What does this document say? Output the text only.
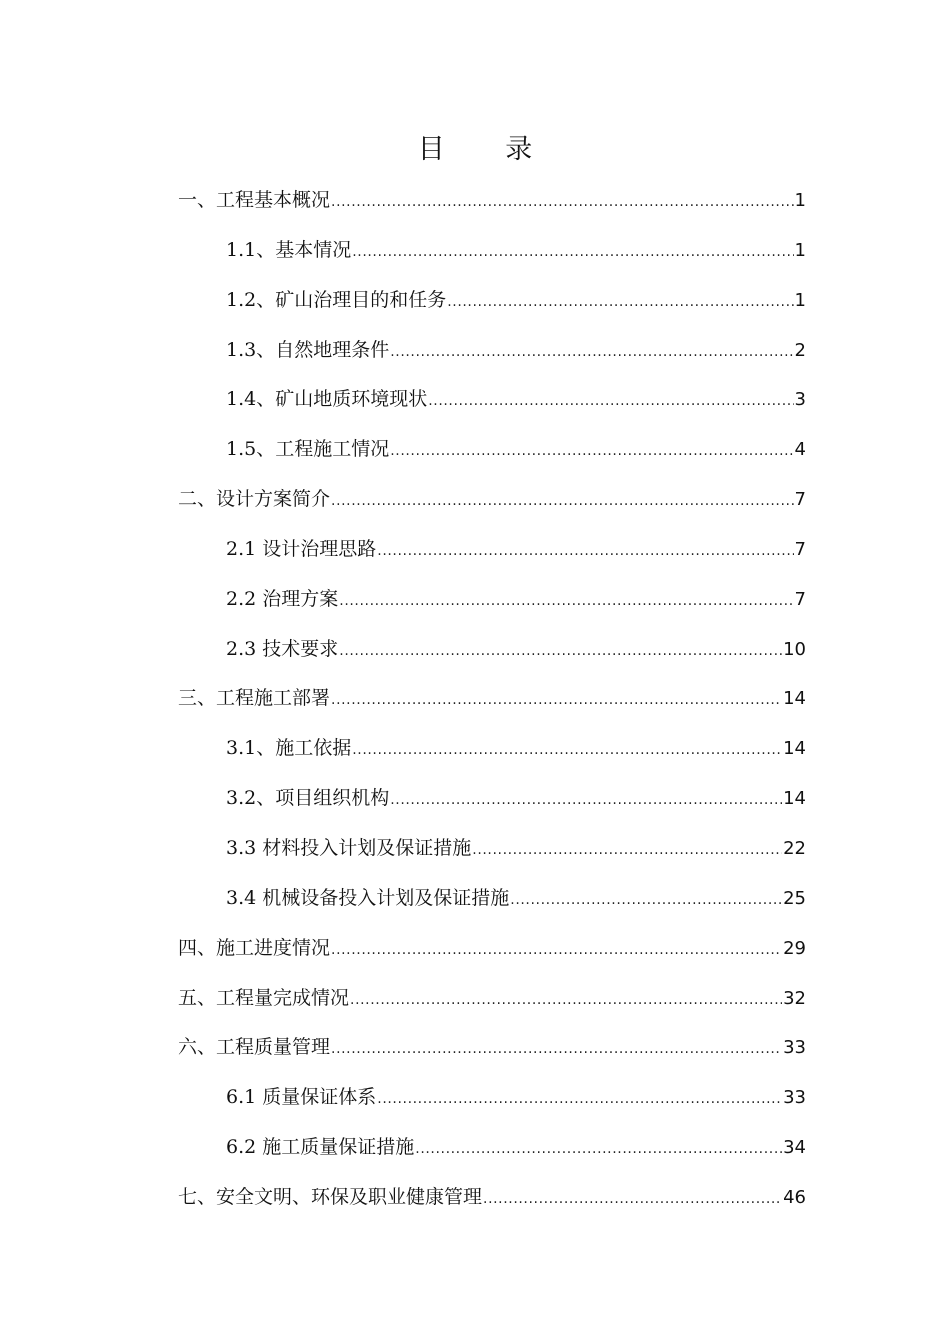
目 录
一、工程基本概况 .....	1
1.1、基本情况 .....	1
1.2、矿山治理目的和任务 .....	1
1.3、自然地理条件 .....	2
1.4、矿山地质环境现状 .....	3
1.5、工程施工情况 .....	4
二、设计方案简介 .....	7
2.1 设计治理思路 .....	7
2.2 治理方案 .....	7
2.3 技术要求 .....	10
三、工程施工部署 .....	14
3.1、施工依据 .....	14
3.2、项目组织机构 .....	14
3.3 材料投入计划及保证措施 .....	22
3.4 机械设备投入计划及保证措施 .....	25
四、施工进度情况 .....	29
五、工程量完成情况 .....	32
六、工程质量管理 .....	33
6.1 质量保证体系 .....	33
6.2 施工质量保证措施 .....	34
七、安全文明、环保及职业健康管理 .....	46
